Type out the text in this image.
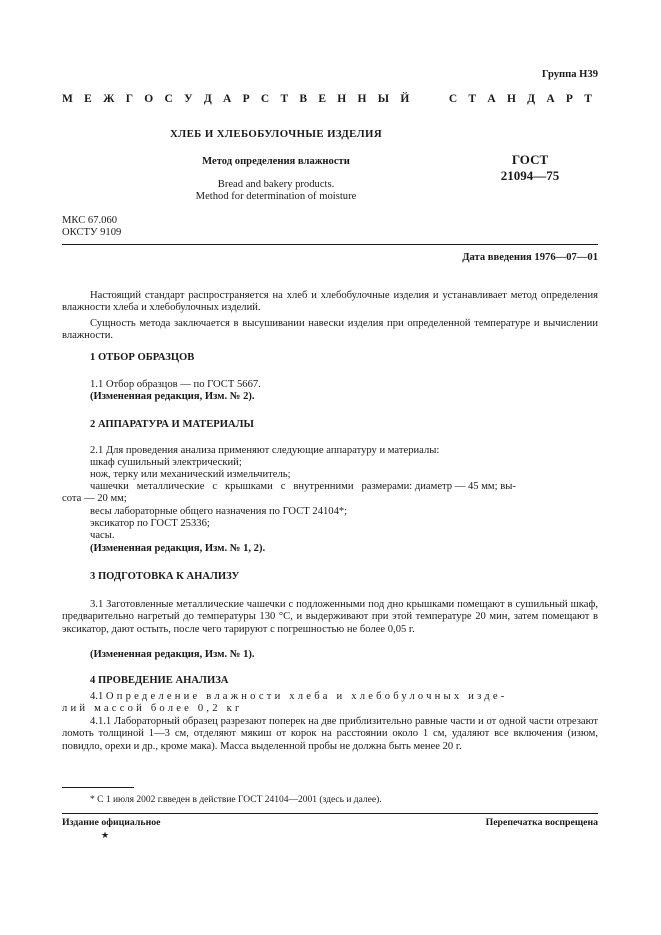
Группа Н39
М Е Ж Г О С У Д А Р С Т В Е Н Н Ы Й     С Т А Н Д А Р Т
ХЛЕБ И ХЛЕБОБУЛОЧНЫЕ ИЗДЕЛИЯ
Метод определения влажности
Bread and bakery products.
Method for determination of moisture
ГОСТ
21094—75
МКС 67.060
ОКСТУ 9109
Дата введения 1976—07—01
Настоящий стандарт распространяется на хлеб и хлебобулочные изделия и устанавливает метод определения влажности хлеба и хлебобулочных изделий.
Сущность метода заключается в высушивании навески изделия при определенной температуре и вычислении влажности.
1 ОТБОР ОБРАЗЦОВ
1.1 Отбор образцов — по ГОСТ 5667.
(Измененная редакция, Изм. № 2).
2 АППАРАТУРА И МАТЕРИАЛЫ
2.1 Для проведения анализа применяют следующие аппаратуру и материалы:
шкаф сушильный электрический;
нож, терку или механический измельчитель;
чашечки   металлические   с   крышками   с   внутренними   размерами: диаметр — 45 мм; вы-
сота — 20 мм;
весы лабораторные общего назначения по ГОСТ 24104*;
эксикатор по ГОСТ 25336;
часы.
(Измененная редакция, Изм. № 1, 2).
3 ПОДГОТОВКА К АНАЛИЗУ
3.1 Заготовленные металлические чашечки с подложенными под дно крышками помещают в сушильный шкаф, предварительно нагретый до температуры 130 °С, и выдерживают при этой температуре 20 мин, затем помещают в эксикатор, дают остыть, после чего тарируют с погрешностью не более 0,05 г.
(Измененная редакция, Изм. № 1).
4 ПРОВЕДЕНИЕ АНАЛИЗА
4.1 Определение влажности хлеба и хлебобулочных изде-
лий массой более 0,2 кг
4.1.1 Лабораторный образец разрезают поперек на две приблизительно равные части и от одной части отрезают ломоть толщиной 1—3 см, отделяют мякиш от корок на расстоянии около 1 см, удаляют все включения (изюм, повидло, орехи и др., кроме мака). Масса выделенной пробы не должна быть менее 20 г.
* С 1 июля 2002 г.введен в действие ГОСТ 24104—2001 (здесь и далее).
Издание официальное	Перепечатка воспрещена
★
